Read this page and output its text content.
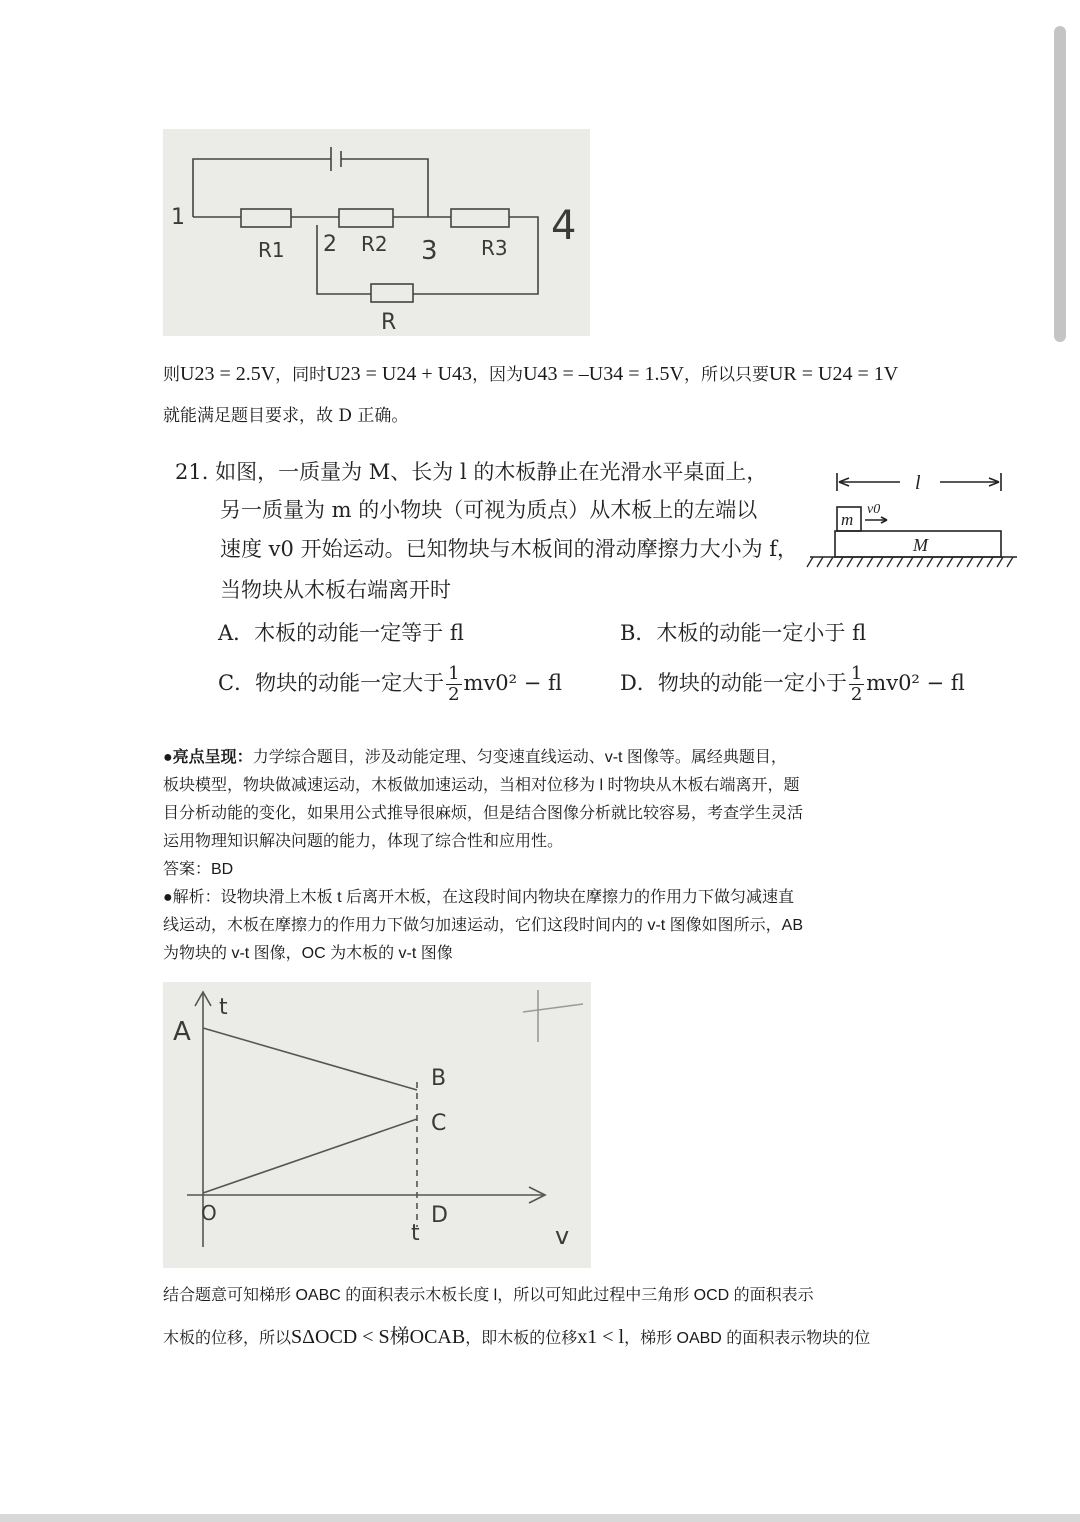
1
2	3
4
R1	R2	R3
R
则U23 = 2.5V，同时U23 = U24 + U43，因为U43 = –U34 = 1.5V，所以只要UR = U24 = 1V
就能满足题目要求，故 D 正确。
21. 如图，一质量为 M、长为 l 的木板静止在光滑水平桌面上，
另一质量为 m 的小物块（可视为质点）从木板上的左端以
速度 v0 开始运动。已知物块与木板间的滑动摩擦力大小为 f，
当物块从木板右端离开时
A．木板的动能一定等于 fl	B．木板的动能一定小于 fl
C．物块的动能一定大于 $\frac{1}{2} mv0^2$ − fl	D．物块的动能一定小于 $\frac{1}{2} mv0^2$ − fl
l
m
v0
M
●亮点呈现：力学综合题目，涉及动能定理、匀变速直线运动、v-t 图像等。属经典题目，
板块模型，物块做减速运动，木板做加速运动，当相对位移为 l 时物块从木板右端离开，题
目分析动能的变化，如果用公式推导很麻烦，但是结合图像分析就比较容易，考查学生灵活
运用物理知识解决问题的能力，体现了综合性和应用性。
答案：BD
●解析：设物块滑上木板 t 后离开木板，在这段时间内物块在摩擦力的作用力下做匀减速直
线运动，木板在摩擦力的作用力下做匀加速运动，它们这段时间内的 v-t 图像如图所示，AB
为物块的 v-t 图像，OC 为木板的 v-t 图像
A
B
C
O
t
D
v
t
结合题意可知梯形 OABC 的面积表示木板长度 l，所以可知此过程中三角形 OCD 的面积表示
木板的位移，所以SΔOCD < S梯OCAB，即木板的位移x1 < l，梯形 OABD 的面积表示物块的位
